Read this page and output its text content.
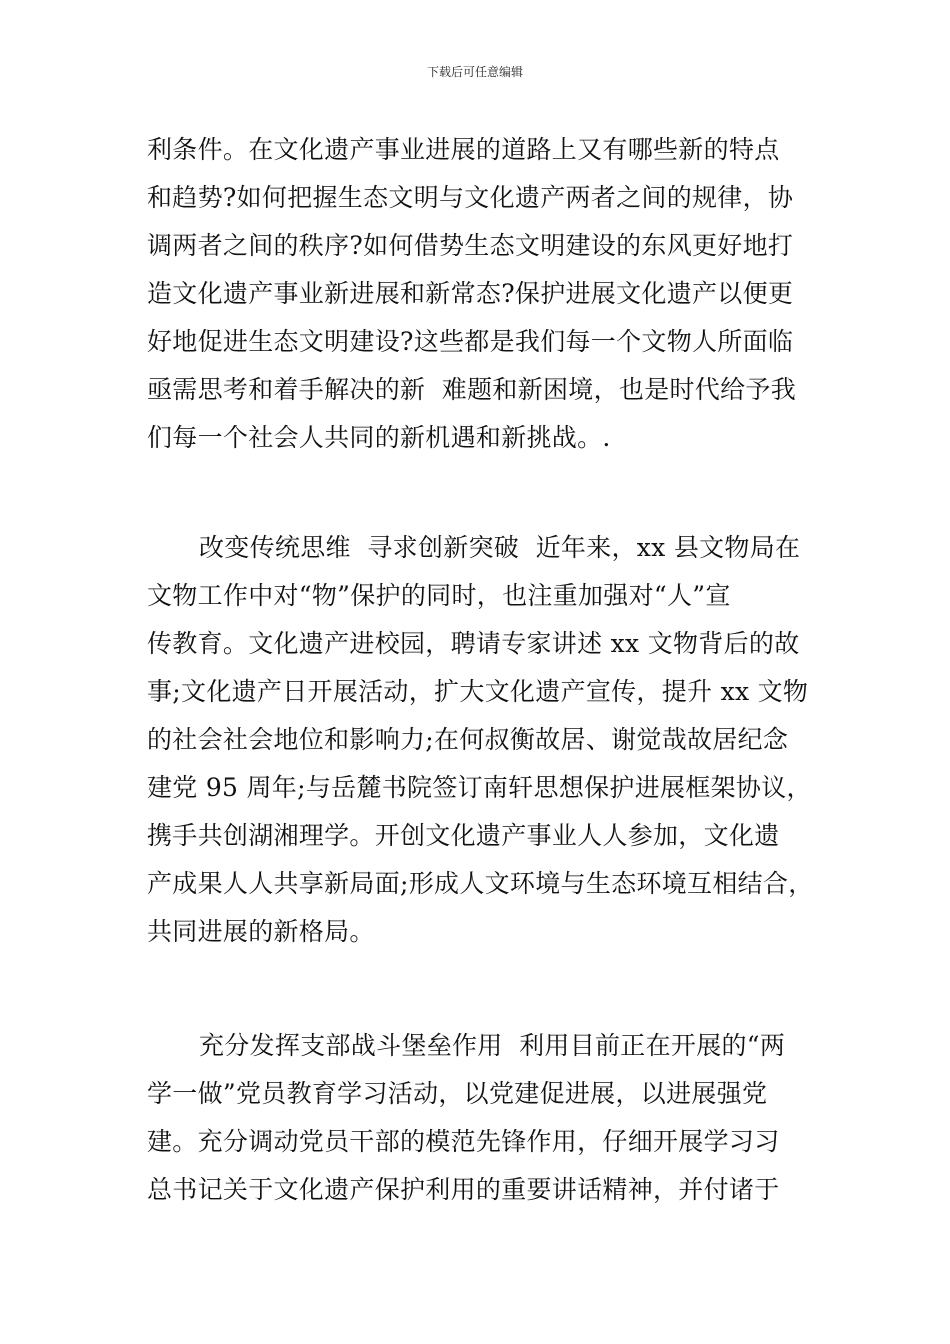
下载后可任意编辑
利条件。在文化遗产事业进展的道路上又有哪些新的特点
和趋势?如何把握生态文明与文化遗产两者之间的规律，协
调两者之间的秩序?如何借势生态文明建设的东风更好地打
造文化遗产事业新进展和新常态?保护进展文化遗产以便更
好地促进生态文明建设?这些都是我们每一个文物人所面临
亟需思考和着手解决的新  难题和新困境，也是时代给予我
们每一个社会人共同的新机遇和新挑战。.
改变传统思维  寻求创新突破  近年来，xx 县文物局在
文物工作中对“物”保护的同时，也注重加强对“人”宣
传教育。文化遗产进校园，聘请专家讲述 xx 文物背后的故
事;文化遗产日开展活动，扩大文化遗产宣传，提升 xx 文物
的社会社会地位和影响力;在何叔衡故居、谢觉哉故居纪念
建党 95 周年;与岳麓书院签订南轩思想保护进展框架协议，
携手共创湖湘理学。开创文化遗产事业人人参加，文化遗
产成果人人共享新局面;形成人文环境与生态环境互相结合，
共同进展的新格局。
充分发挥支部战斗堡垒作用  利用目前正在开展的“两
学一做”党员教育学习活动，以党建促进展，以进展强党
建。充分调动党员干部的模范先锋作用，仔细开展学习习
总书记关于文化遗产保护利用的重要讲话精神，并付诸于
